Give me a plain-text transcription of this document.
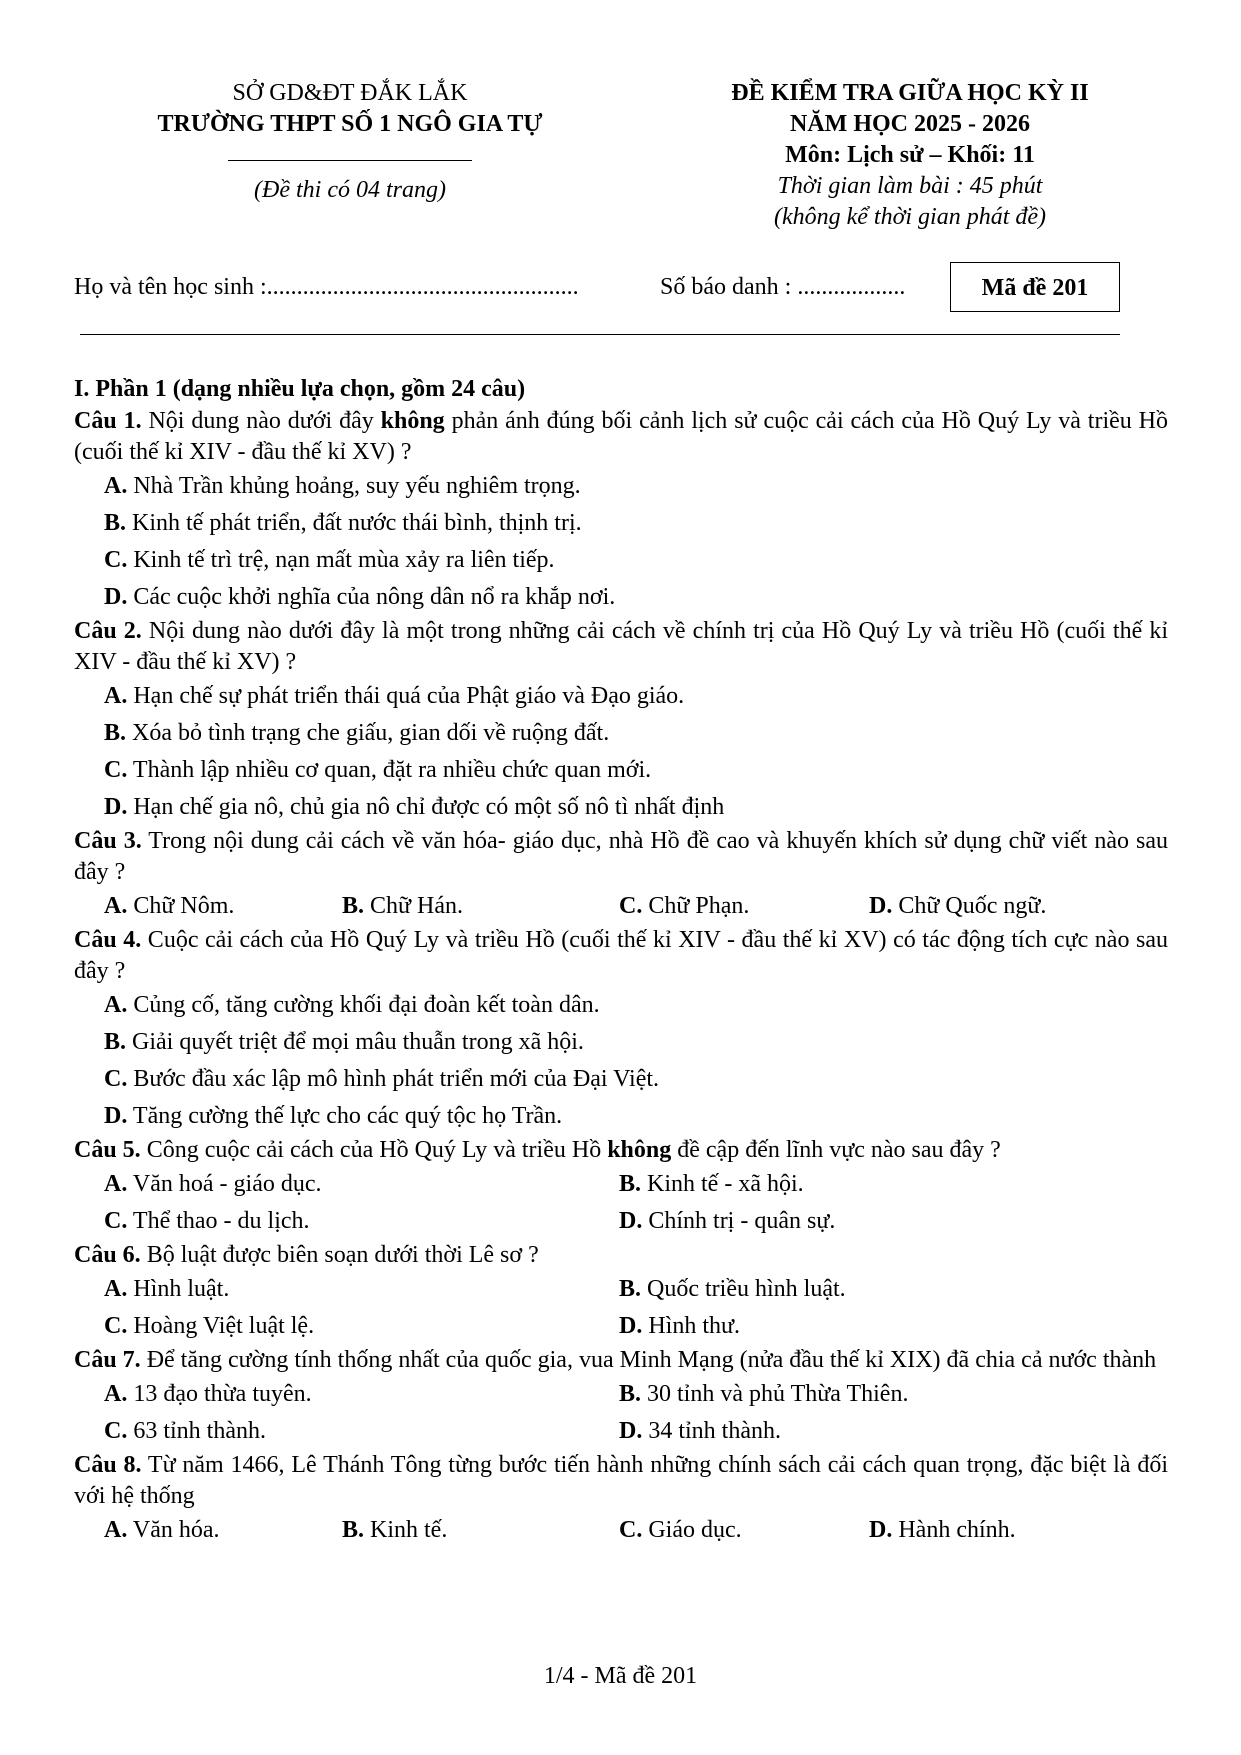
SỞ GD&ĐT ĐẮK LẮK
TRƯỜNG THPT SỐ 1 NGÔ GIA TỰ
(Đề thi có 04 trang)
ĐỀ KIỂM TRA GIỮA HỌC KỲ II
NĂM HỌC 2025 - 2026
Môn: Lịch sử – Khối: 11
Thời gian làm bài : 45 phút
(không kể thời gian phát đề)
Họ và tên học sinh :....................................................	Số báo danh : ..................	Mã đề 201
I. Phần 1 (dạng nhiều lựa chọn, gồm 24 câu)
Câu 1. Nội dung nào dưới đây không phản ánh đúng bối cảnh lịch sử cuộc cải cách của Hồ Quý Ly và triều Hồ (cuối thế kỉ XIV - đầu thế kỉ XV) ?
A. Nhà Trần khủng hoảng, suy yếu nghiêm trọng.
B. Kinh tế phát triển, đất nước thái bình, thịnh trị.
C. Kinh tế trì trệ, nạn mất mùa xảy ra liên tiếp.
D. Các cuộc khởi nghĩa của nông dân nổ ra khắp nơi.
Câu 2. Nội dung nào dưới đây là một trong những cải cách về chính trị của Hồ Quý Ly và triều Hồ (cuối thế kỉ XIV - đầu thế kỉ XV) ?
A. Hạn chế sự phát triển thái quá của Phật giáo và Đạo giáo.
B. Xóa bỏ tình trạng che giấu, gian dối về ruộng đất.
C. Thành lập nhiều cơ quan, đặt ra nhiều chức quan mới.
D. Hạn chế gia nô, chủ gia nô chỉ được có một số nô tì nhất định
Câu 3. Trong nội dung cải cách về văn hóa- giáo dục, nhà Hồ đề cao và khuyến khích sử dụng chữ viết nào sau đây ?
A. Chữ Nôm.	B. Chữ Hán.	C. Chữ Phạn.	D. Chữ Quốc ngữ.
Câu 4. Cuộc cải cách của Hồ Quý Ly và triều Hồ (cuối thế kỉ XIV - đầu thế kỉ XV) có tác động tích cực nào sau đây ?
A. Củng cố, tăng cường khối đại đoàn kết toàn dân.
B. Giải quyết triệt để mọi mâu thuẫn trong xã hội.
C. Bước đầu xác lập mô hình phát triển mới của Đại Việt.
D. Tăng cường thế lực cho các quý tộc họ Trần.
Câu 5. Công cuộc cải cách của Hồ Quý Ly và triều Hồ không đề cập đến lĩnh vực nào sau đây ?
A. Văn hoá - giáo dục.	B. Kinh tế - xã hội.
C. Thể thao - du lịch.	D. Chính trị - quân sự.
Câu 6. Bộ luật được biên soạn dưới thời Lê sơ ?
A. Hình luật.	B. Quốc triều hình luật.
C. Hoàng Việt luật lệ.	D. Hình thư.
Câu 7. Để tăng cường tính thống nhất của quốc gia, vua Minh Mạng (nửa đầu thế kỉ XIX) đã chia cả nước thành
A. 13 đạo thừa tuyên.	B. 30 tỉnh và phủ Thừa Thiên.
C. 63 tỉnh thành.	D. 34 tỉnh thành.
Câu 8. Từ năm 1466, Lê Thánh Tông từng bước tiến hành những chính sách cải cách quan trọng, đặc biệt là đối với hệ thống
A. Văn hóa.	B. Kinh tế.	C. Giáo dục.	D. Hành chính.
1/4 - Mã đề 201
